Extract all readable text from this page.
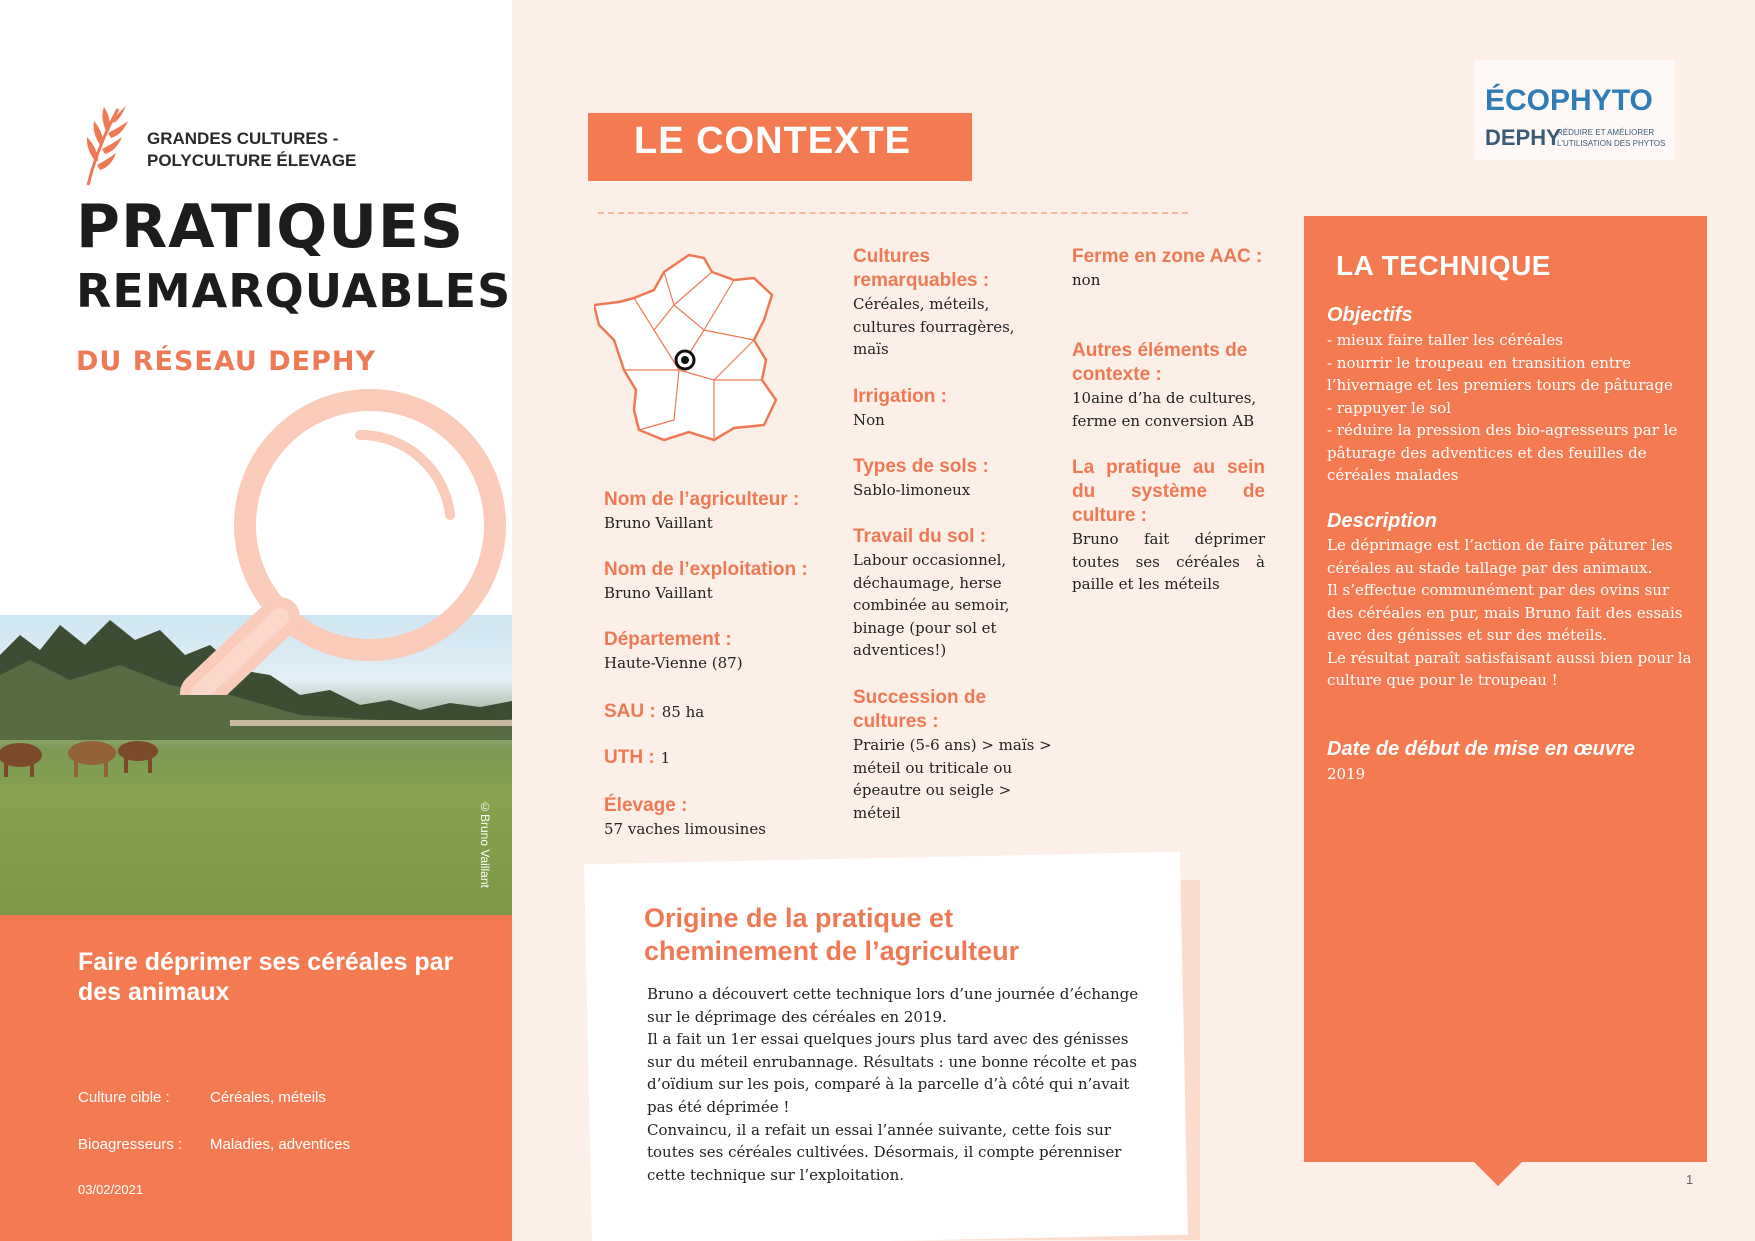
GRANDES CULTURES -
POLYCULTURE ÉLEVAGE
PRATIQUES
REMARQUABLES
DU RÉSEAU DEPHY
Faire déprimer ses céréales par des animaux
Culture cible :	Céréales, méteils
Bioagresseurs :	Maladies, adventices
03/02/2021
©Bruno Vaillant
ÉCOPHYTO
DEPHY
RÉDUIRE ET AMÉLIORER
L'UTILISATION DES PHYTOS
LE CONTEXTE
Nom de l’agriculteur :
Bruno Vaillant
Nom de l’exploitation :
Bruno Vaillant
Département :
Haute-Vienne (87)
SAU : 85 ha
UTH : 1
Élevage :
57 vaches limousines
Cultures remarquables :
Céréales, méteils, cultures fourragères, maïs
Irrigation :
Non
Types de sols :
Sablo-limoneux
Travail du sol :
Labour occasionnel, déchaumage, herse combinée au semoir, binage (pour sol et adventices!)
Succession de cultures :
Prairie (5-6 ans) > maïs > méteil ou triticale ou épeautre ou seigle > méteil
Ferme en zone AAC :
non
Autres éléments de contexte :
10aine d’ha de cultures, ferme en conversion AB
La pratique au sein du système de culture :
Bruno fait déprimer toutes ses céréales à paille et les méteils
LA TECHNIQUE
Objectifs
- mieux faire taller les céréales
- nourrir le troupeau en transition entre l’hivernage et les premiers tours de pâturage
- rappuyer le sol
- réduire la pression des bio-agresseurs par le pâturage des adventices et des feuilles de céréales malades
Description
Le déprimage est l’action de faire pâturer les céréales au stade tallage par des animaux.
Il s’effectue communément par des ovins sur des céréales en pur, mais Bruno fait des essais avec des génisses et sur des méteils.
Le résultat paraît satisfaisant aussi bien pour la culture que pour le troupeau !
Date de début de mise en œuvre
2019
Origine de la pratique et
cheminement de l’agriculteur
Bruno a découvert cette technique lors d’une journée d’échange sur le déprimage des céréales en 2019.
Il a fait un 1er essai quelques jours plus tard avec des génisses sur du méteil enrubannage. Résultats : une bonne récolte et pas d’oïdium sur les pois, comparé à la parcelle d’à côté qui n’avait pas été déprimée !
Convaincu, il a refait un essai l’année suivante, cette fois sur toutes ses céréales cultivées. Désormais, il compte pérenniser cette technique sur l’exploitation.	1
